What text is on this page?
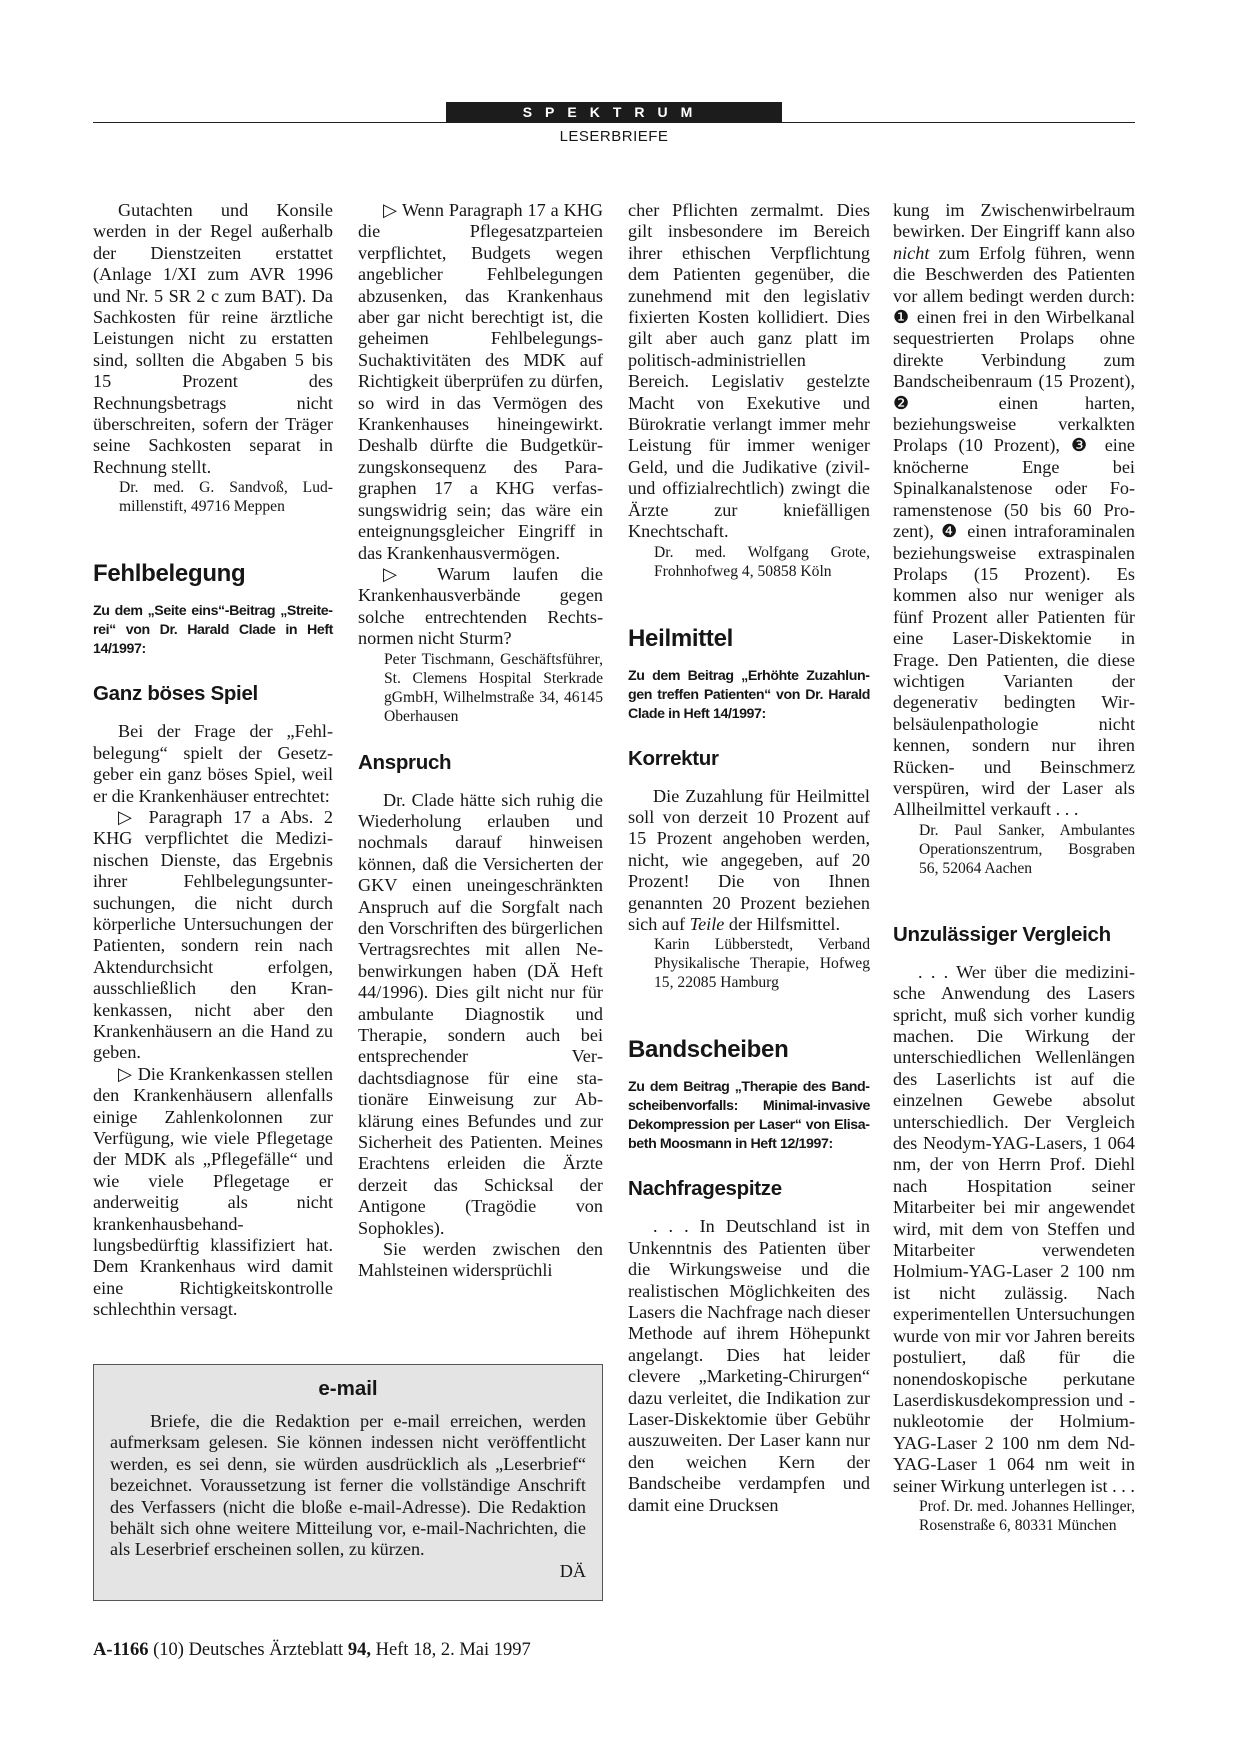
SPEKTRUM
LESERBRIEFE

Gutachten und Konsile werden in der Regel außerhalb der Dienstzeiten erstattet (Anlage 1/XI zum AVR 1996 und Nr. 5 SR 2 c zum BAT). Da Sachkosten für reine ärztliche Leistungen nicht zu erstatten sind, sollten die Abgaben 5 bis 15 Prozent des Rechnungsbetrags nicht überschreiten, sofern der Träger seine Sachkosten separat in Rechnung stellt.

Dr. med. G. Sandvoß, Ludmillenstift, 49716 Meppen

Fehlbelegung
Zu dem „Seite eins“-Beitrag „Streiterei“ von Dr. Harald Clade in Heft 14/1997:
Ganz böses Spiel

Bei der Frage der „Fehlbelegung“ spielt der Gesetzgeber ein ganz böses Spiel, weil er die Krankenhäuser entrechtet:

▷ Paragraph 17 a Abs. 2 KHG verpflichtet die Medizinischen Dienste, das Ergebnis ihrer Fehlbelegungsuntersuchungen, die nicht durch körperliche Untersuchungen der Patienten, sondern rein nach Aktendurchsicht erfolgen, ausschließlich den Krankenkassen, nicht aber den Krankenhäusern an die Hand zu geben.

▷ Die Krankenkassen stellen den Krankenhäusern allenfalls einige Zahlenkolonnen zur Verfügung, wie viele Pflegetage der MDK als „Pflegefälle“ und wie viele Pflegetage er anderweitig als nicht krankenhausbehandlungsbedürftig klassifiziert hat. Dem Krankenhaus wird damit eine Richtigkeitskontrolle schlechthin versagt.

▷ Wenn Paragraph 17 a KHG die Pflegesatzparteien verpflichtet, Budgets wegen angeblicher Fehlbelegungen abzusenken, das Krankenhaus aber gar nicht berechtigt ist, die geheimen Fehlbelegungs-Suchaktivitäten des MDK auf Richtigkeit überprüfen zu dürfen, so wird in das Vermögen des Krankenhauses hineingewirkt. Deshalb dürfte die Budgetkürzungskonsequenz des Paragraphen 17 a KHG verfassungswidrig sein; das wäre ein enteignungsgleicher Eingriff in das Krankenhausvermögen.

▷ Warum laufen die Krankenhausverbände gegen solche entrechtenden Rechtsnormen nicht Sturm?

Peter Tischmann, Geschäftsführer, St. Clemens Hospital Sterkrade gGmbH, Wilhelmstraße 34, 46145 Oberhausen

Anspruch

Dr. Clade hätte sich ruhig die Wiederholung erlauben und nochmals darauf hinweisen können, daß die Versicherten der GKV einen uneingeschränkten Anspruch auf die Sorgfalt nach den Vorschriften des bürgerlichen Vertragsrechtes mit allen Nebenwirkungen haben (DÄ Heft 44/1996). Dies gilt nicht nur für ambulante Diagnostik und Therapie, sondern auch bei entsprechender Verdachtsdiagnose für eine stationäre Einweisung zur Abklärung eines Befundes und zur Sicherheit des Patienten. Meines Erachtens erleiden die Ärzte derzeit das Schicksal der Antigone (Tragödie von Sophokles).

Sie werden zwischen den Mahlsteinen widersprüchli

cher Pflichten zermalmt. Dies gilt insbesondere im Bereich ihrer ethischen Verpflichtung dem Patienten gegenüber, die zunehmend mit den legislativ fixierten Kosten kollidiert. Dies gilt aber auch ganz platt im politisch-administriellen Bereich. Legislativ gestelzte Macht von Exekutive und Bürokratie verlangt immer mehr Leistung für immer weniger Geld, und die Judikative (zivil- und offizialrechtlich) zwingt die Ärzte zur kniefälligen Knechtschaft.

Dr. med. Wolfgang Grote, Frohnhofweg 4, 50858 Köln

Heilmittel
Zu dem Beitrag „Erhöhte Zuzahlungen treffen Patienten“ von Dr. Harald Clade in Heft 14/1997:
Korrektur

Die Zuzahlung für Heilmittel soll von derzeit 10 Prozent auf 15 Prozent angehoben werden, nicht, wie angegeben, auf 20 Prozent! Die von Ihnen genannten 20 Prozent beziehen sich auf Teile der Hilfsmittel.

Karin Lübberstedt, Verband Physikalische Therapie, Hofweg 15, 22085 Hamburg

Bandscheiben
Zu dem Beitrag „Therapie des Bandscheibenvorfalls: Minimal-invasive Dekompression per Laser“ von Elisabeth Moosmann in Heft 12/1997:
Nachfragespitze

. . . In Deutschland ist in Unkenntnis des Patienten über die Wirkungsweise und die realistischen Möglichkeiten des Lasers die Nachfrage nach dieser Methode auf ihrem Höhepunkt angelangt. Dies hat leider clevere „Marketing-Chirurgen“ dazu verleitet, die Indikation zur Laser-Diskektomie über Gebühr auszuweiten. Der Laser kann nur den weichen Kern der Bandscheibe verdampfen und damit eine Drucksen

kung im Zwischenwirbelraum bewirken. Der Eingriff kann also nicht zum Erfolg führen, wenn die Beschwerden des Patienten vor allem bedingt werden durch: ❶ einen frei in den Wirbelkanal sequestrierten Prolaps ohne direkte Verbindung zum Bandscheibenraum (15 Prozent), ❷ einen harten, beziehungsweise verkalkten Prolaps (10 Prozent), ❸ eine knöcherne Enge bei Spinalkanalstenose oder Foramenstenose (50 bis 60 Prozent), ❹ einen intraforaminalen beziehungsweise extraspinalen Prolaps (15 Prozent). Es kommen also nur weniger als fünf Prozent aller Patienten für eine Laser-Diskektomie in Frage. Den Patienten, die diese wichtigen Varianten der degenerativ bedingten Wirbelsäulenpathologie nicht kennen, sondern nur ihren Rücken- und Beinschmerz verspüren, wird der Laser als Allheilmittel verkauft . . .

Dr. Paul Sanker, Ambulantes Operationszentrum, Bosgraben 56, 52064 Aachen

Unzulässiger Vergleich

. . . Wer über die medizinische Anwendung des Lasers spricht, muß sich vorher kundig machen. Die Wirkung der unterschiedlichen Wellenlängen des Laserlichts ist auf die einzelnen Gewebe absolut unterschiedlich. Der Vergleich des Neodym-YAG-Lasers, 1 064 nm, der von Herrn Prof. Diehl nach Hospitation seiner Mitarbeiter bei mir angewendet wird, mit dem von Steffen und Mitarbeiter verwendeten Holmium-YAG-Laser 2 100 nm ist nicht zulässig. Nach experimentellen Untersuchungen wurde von mir vor Jahren bereits postuliert, daß für die nonendoskopische perkutane Laserdiskusdekompression und -nukleotomie der Holmium-YAG-Laser 2 100 nm dem Nd-YAG-Laser 1 064 nm weit in seiner Wirkung unterlegen ist . . .

Prof. Dr. med. Johannes Hellinger, Rosenstraße 6, 80331 München

e-mail

Briefe, die die Redaktion per e-mail erreichen, werden aufmerksam gelesen. Sie können indessen nicht veröffentlicht werden, es sei denn, sie würden ausdrücklich als „Leserbrief“ bezeichnet. Voraussetzung ist ferner die vollständige Anschrift des Verfassers (nicht die bloße e-mail-Adresse). Die Redaktion behält sich ohne weitere Mitteilung vor, e-mail-Nachrichten, die als Leserbrief erscheinen sollen, zu kürzen.

DÄ

A-1166 (10) Deutsches Ärzteblatt 94, Heft 18, 2. Mai 1997
